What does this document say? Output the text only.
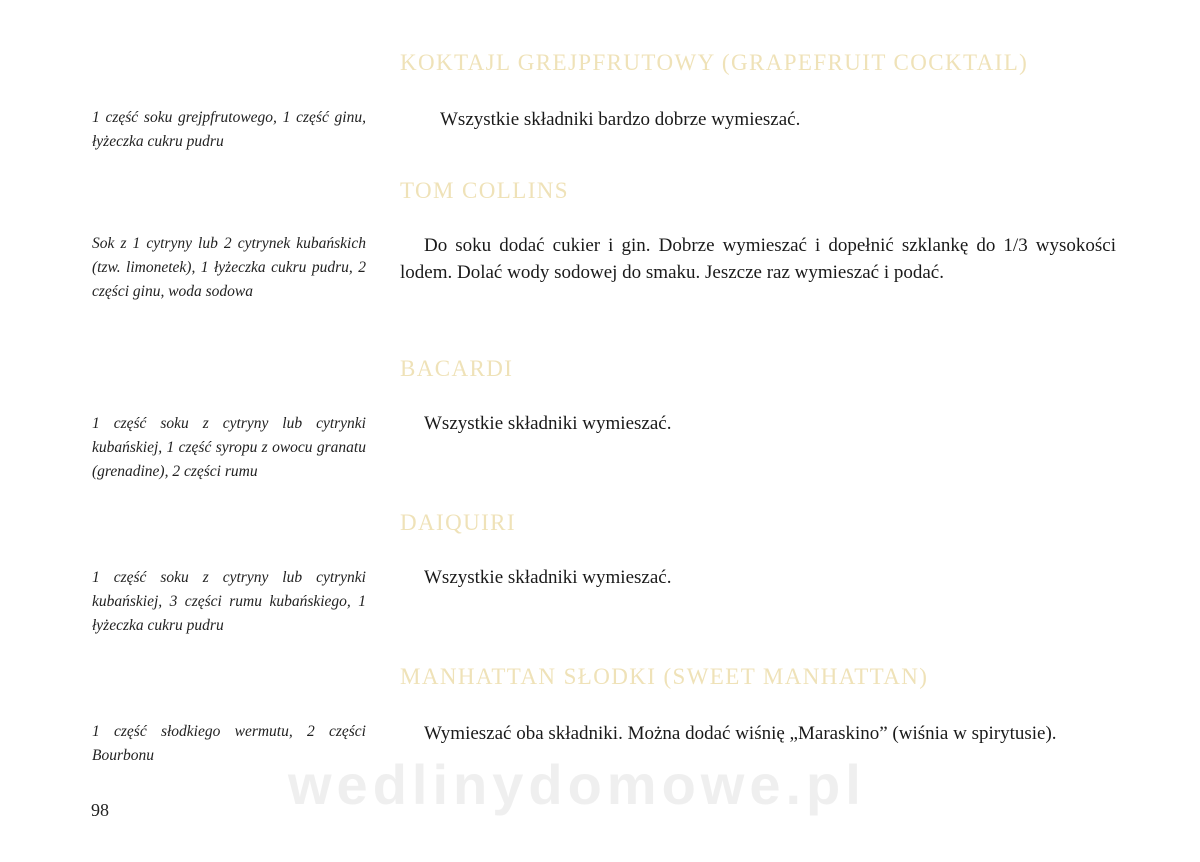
KOKTAJL GREJPFRUTOWY (GRAPEFRUIT COCKTAIL)
1 część soku grejpfrutowego, 1 część ginu, łyżeczka cukru pudru
Wszystkie składniki bardzo dobrze wymieszać.
TOM COLLINS
Sok z 1 cytryny lub 2 cytrynek kubańskich (tzw. limonetek), 1 łyżeczka cukru pudru, 2 części ginu, woda sodowa
Do soku dodać cukier i gin. Dobrze wymieszać i dopełnić szklankę do 1/3 wysokości lodem. Dolać wody sodowej do smaku. Jeszcze raz wymieszać i podać.
BACARDI
1 część soku z cytryny lub cytrynki kubańskiej, 1 część syropu z owocu granatu (grenadine), 2 części rumu
Wszystkie składniki wymieszać.
DAIQUIRI
1 część soku z cytryny lub cytrynki kubańskiej, 3 części rumu kubańskiego, 1 łyżeczka cukru pudru
Wszystkie składniki wymieszać.
MANHATTAN SŁODKI (SWEET MANHATTAN)
1 część słodkiego wermutu, 2 części Bourbonu
Wymieszać oba składniki. Można dodać wiśnię „Maraskino” (wiśnia w spirytusie).
wedlinydomowe.pl
98
